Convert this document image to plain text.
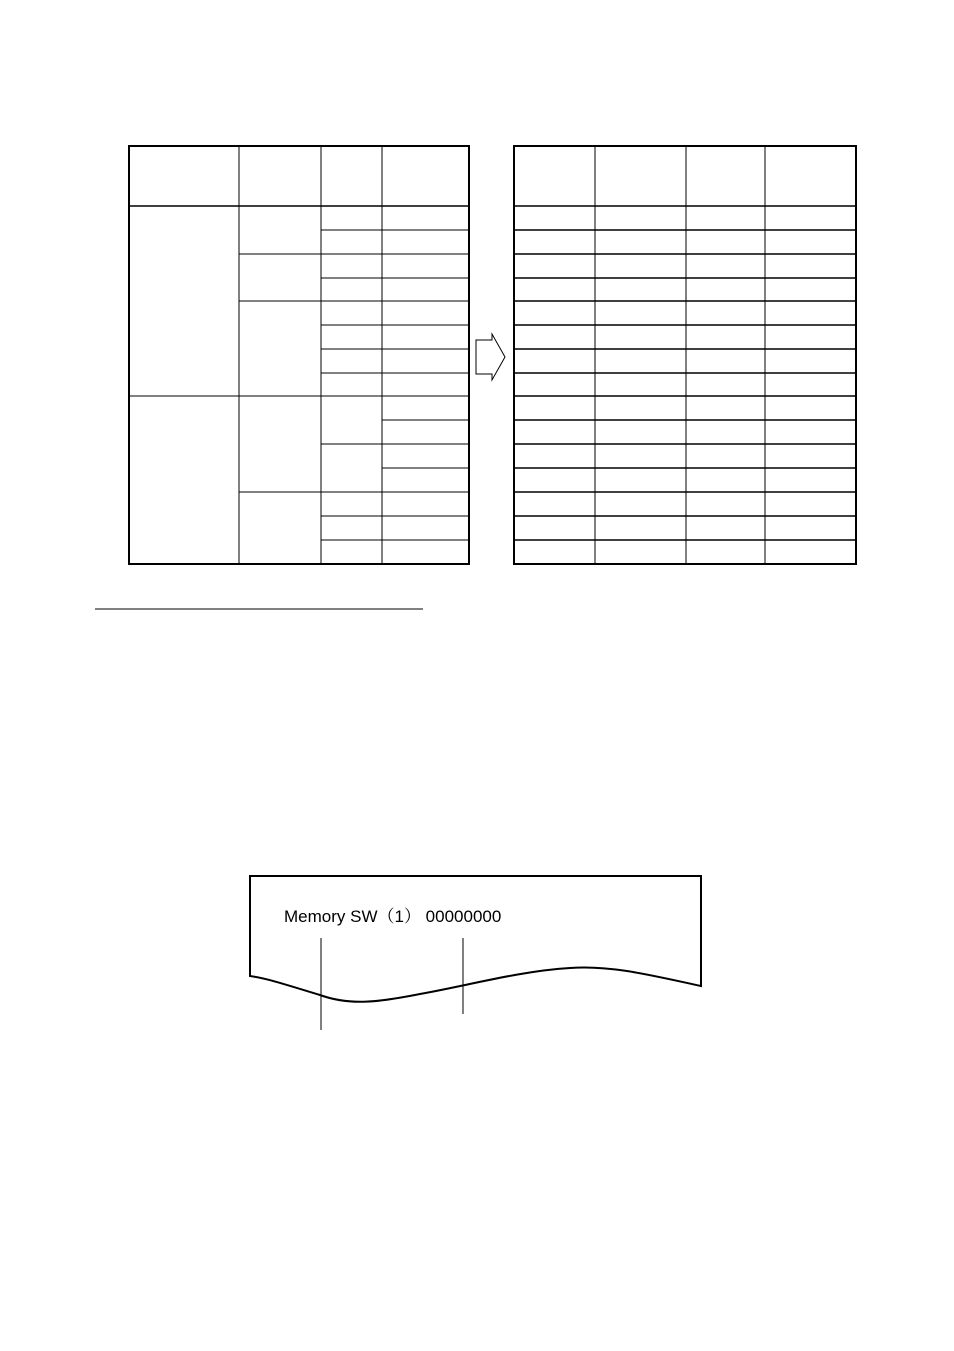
Memory SW（1） 00000000
